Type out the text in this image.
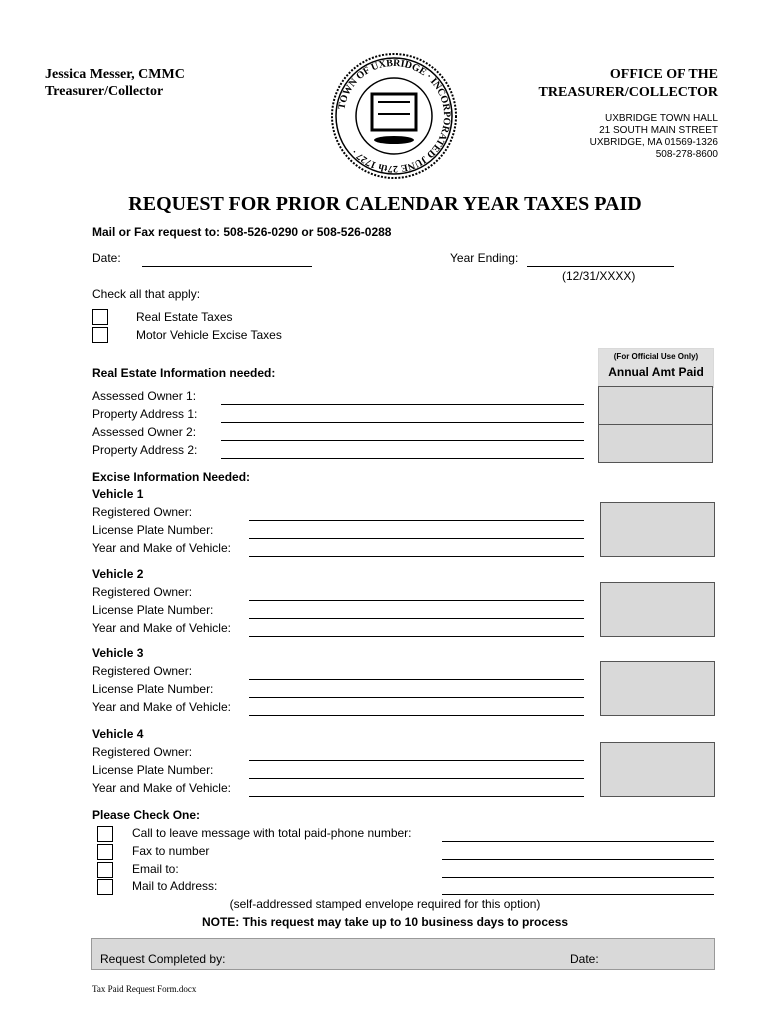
Jessica Messer, CMMC
Treasurer/Collector
TOWN OF UXBRIDGE · INCORPORATED JUNE 27th 1727 ·
OFFICE OF THE
TREASURER/COLLECTOR
UXBRIDGE TOWN HALL
21 SOUTH MAIN STREET
UXBRIDGE, MA 01569-1326
508-278-8600
REQUEST FOR PRIOR CALENDAR YEAR TAXES PAID
Mail or Fax request to: 508-526-0290 or 508-526-0288
Date:	Year Ending:
(12/31/XXXX)
Check all that apply:
Real Estate Taxes
Motor Vehicle Excise Taxes
(For Official Use Only)
Annual Amt Paid
Real Estate Information needed:
Excise Information Needed:
Please Check One:
(self-addressed stamped envelope required for this option)
NOTE: This request may take up to 10 business days to process
Request Completed by:	Date:
Tax Paid Request Form.docx
Assessed Owner 1:
Property Address 1:
Assessed Owner 2:
Property Address 2:
Vehicle 1
Registered Owner:
License Plate Number:
Year and Make of Vehicle:
Vehicle 2
Registered Owner:
License Plate Number:
Year and Make of Vehicle:
Vehicle 3
Registered Owner:
License Plate Number:
Year and Make of Vehicle:
Vehicle 4
Registered Owner:
License Plate Number:
Year and Make of Vehicle:
Call to leave message with total paid-phone number:
Fax to number
Email to:
Mail to Address:
